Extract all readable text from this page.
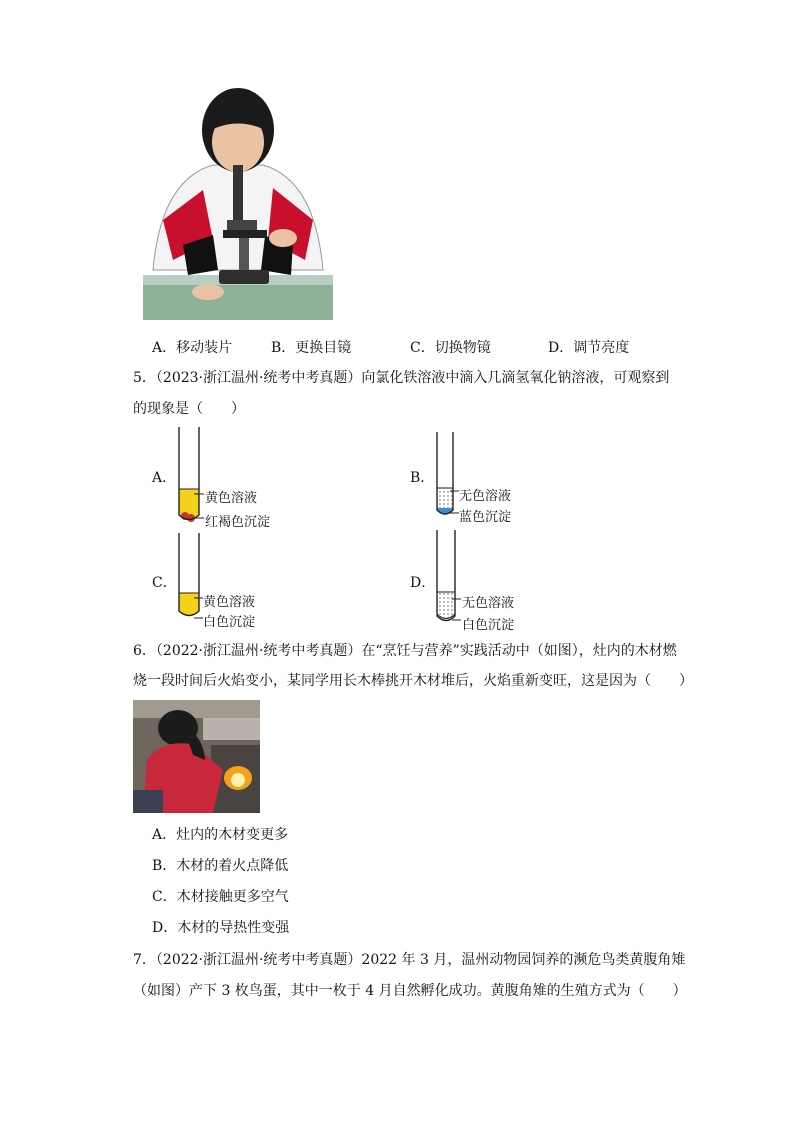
A．移动装片	B．更换目镜	C．切换物镜	D．调节亮度
5．（2023·浙江温州·统考中考真题）向氯化铁溶液中滴入几滴氢氧化钠溶液，可观察到
的现象是（　　）
A．
黄色溶液
红褐色沉淀
B．
无色溶液
蓝色沉淀
C．
黄色溶液
白色沉淀
D．
无色溶液
白色沉淀
6．（2022·浙江温州·统考中考真题）在“烹饪与营养”实践活动中（如图），灶内的木材燃
烧一段时间后火焰变小，某同学用长木棒挑开木材堆后，火焰重新变旺，这是因为（　　）
A．灶内的木材变更多
B．木材的着火点降低
C．木材接触更多空气
D．木材的导热性变强
7．（2022·浙江温州·统考中考真题）2022 年 3 月，温州动物园饲养的濒危鸟类黄腹角雉
（如图）产下 3 枚鸟蛋，其中一枚于 4 月自然孵化成功。黄腹角雉的生殖方式为（　　）
